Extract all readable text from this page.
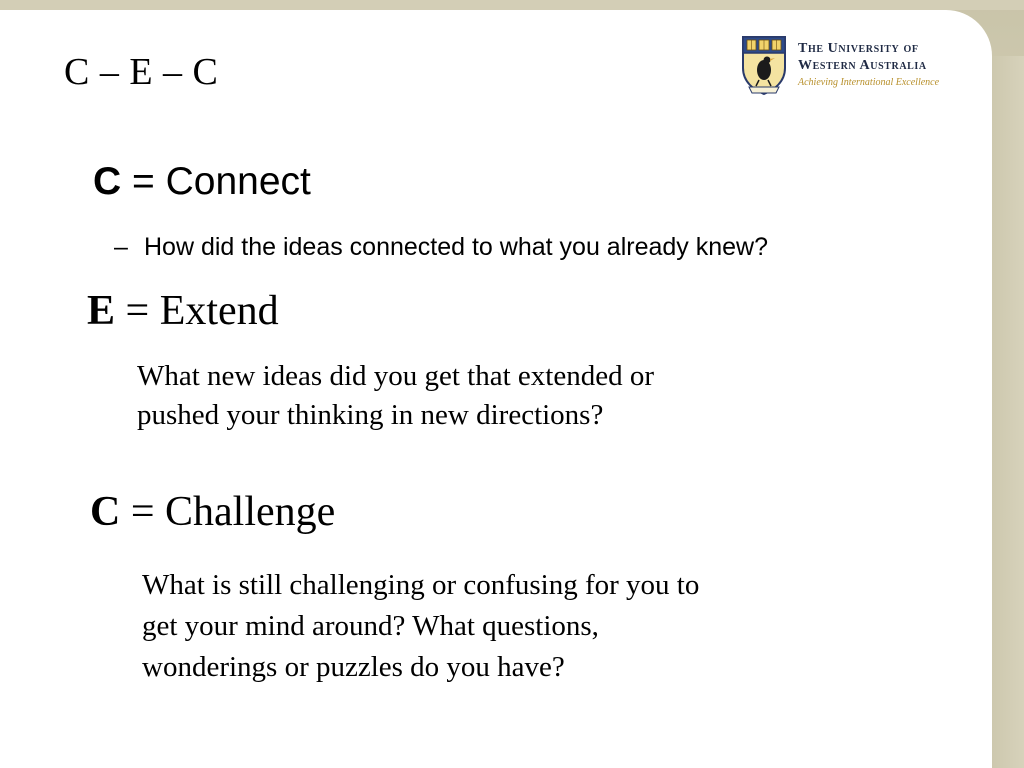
C – E – C
The University of
Western Australia
Achieving International Excellence
C = Connect
– How did the ideas connected to what you already knew?
E = Extend
What new ideas did you get that extended or
pushed your thinking in new directions?
C = Challenge
What is still challenging or confusing for you to
get your mind around? What questions,
wonderings or puzzles do you have?
